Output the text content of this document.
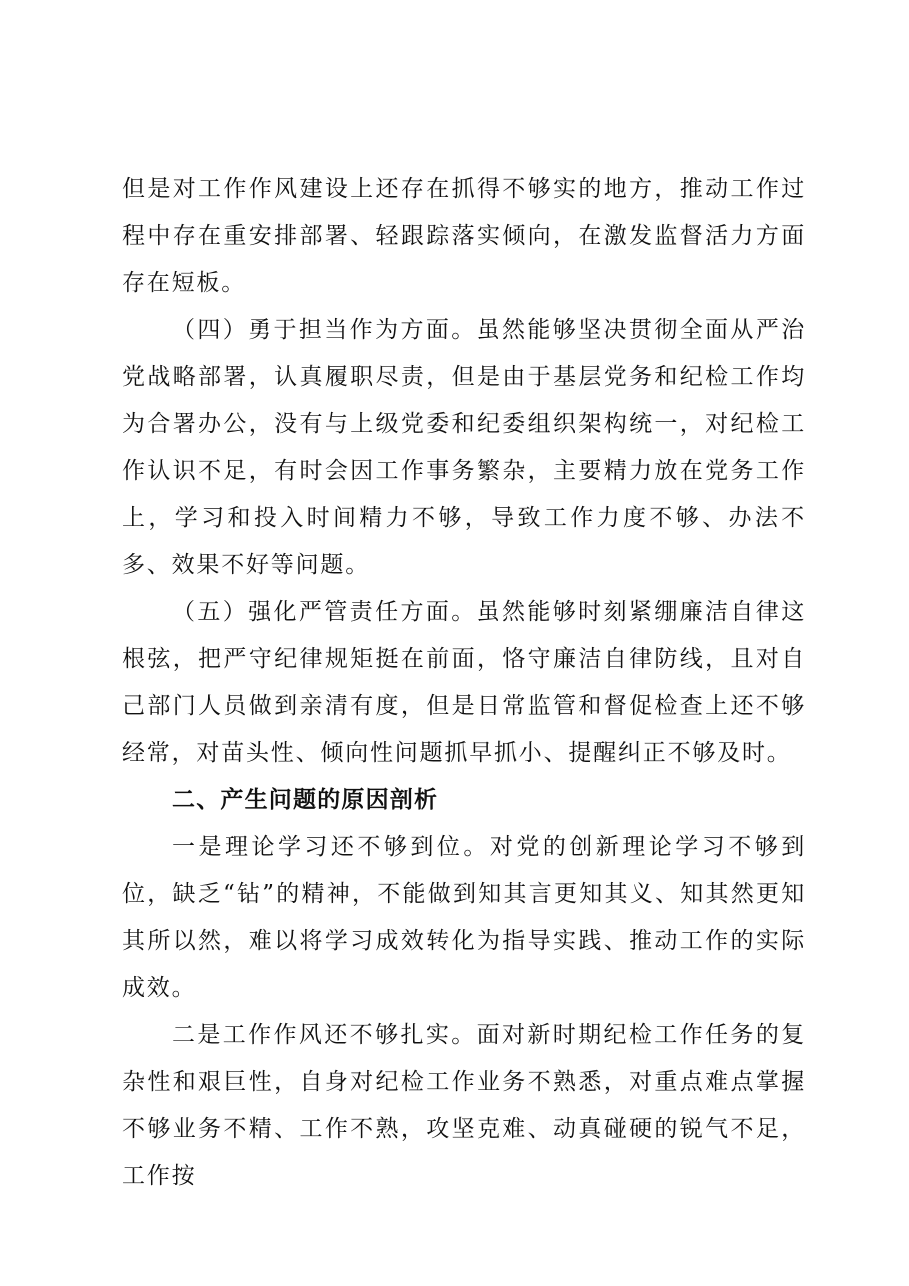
但是对工作作风建设上还存在抓得不够实的地方，推动工作过程中存在重安排部署、轻跟踪落实倾向，在激发监督活力方面存在短板。

（四）勇于担当作为方面。虽然能够坚决贯彻全面从严治党战略部署，认真履职尽责，但是由于基层党务和纪检工作均为合署办公，没有与上级党委和纪委组织架构统一，对纪检工作认识不足，有时会因工作事务繁杂，主要精力放在党务工作上，学习和投入时间精力不够，导致工作力度不够、办法不多、效果不好等问题。

（五）强化严管责任方面。虽然能够时刻紧绷廉洁自律这根弦，把严守纪律规矩挺在前面，恪守廉洁自律防线，且对自己部门人员做到亲清有度，但是日常监管和督促检查上还不够经常，对苗头性、倾向性问题抓早抓小、提醒纠正不够及时。

二、产生问题的原因剖析

一是理论学习还不够到位。对党的创新理论学习不够到位，缺乏“钻”的精神，不能做到知其言更知其义、知其然更知其所以然，难以将学习成效转化为指导实践、推动工作的实际成效。

二是工作作风还不够扎实。面对新时期纪检工作任务的复杂性和艰巨性，自身对纪检工作业务不熟悉，对重点难点掌握不够业务不精、工作不熟，攻坚克难、动真碰硬的锐气不足，工作按
